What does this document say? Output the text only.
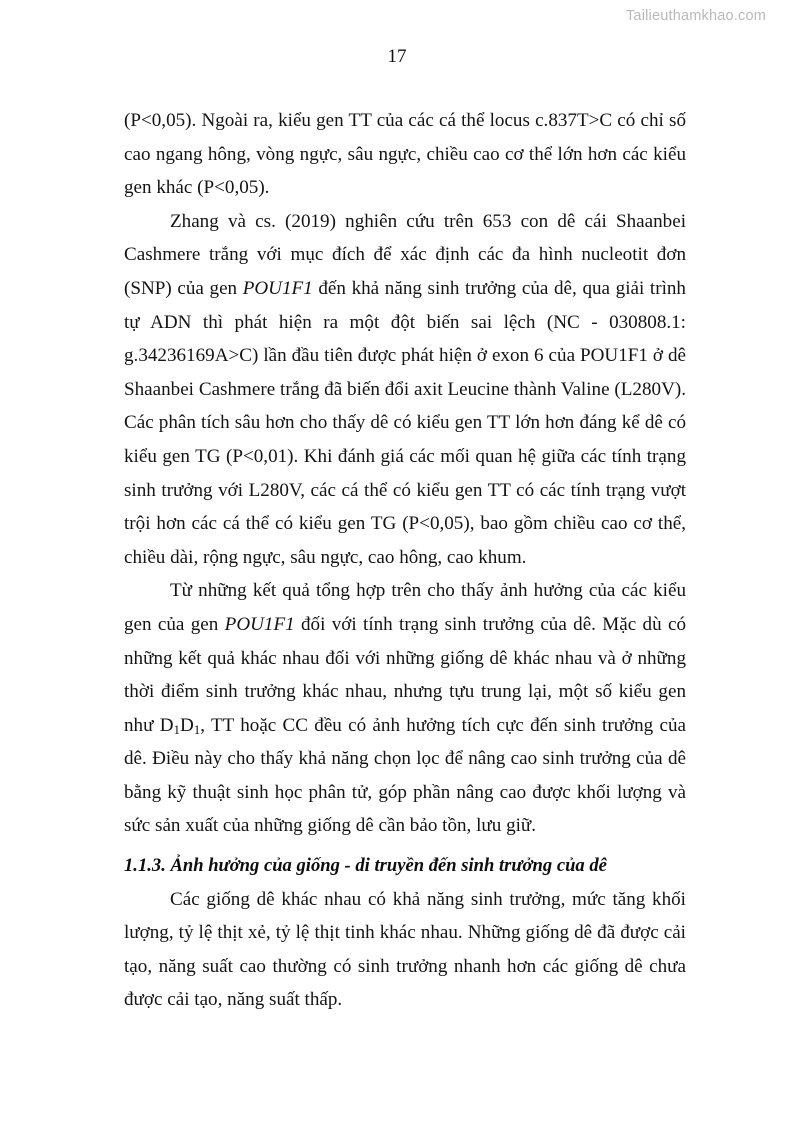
Tailieuthamkhao.com
17

(P<0,05). Ngoài ra, kiểu gen TT của các cá thể locus c.837T>C có chỉ số cao ngang hông, vòng ngực, sâu ngực, chiều cao cơ thể lớn hơn các kiểu gen khác (P<0,05).

Zhang và cs. (2019) nghiên cứu trên 653 con dê cái Shaanbei Cashmere trắng với mục đích để xác định các đa hình nucleotit đơn (SNP) của gen POU1F1 đến khả năng sinh trưởng của dê, qua giải trình tự ADN thì phát hiện ra một đột biến sai lệch (NC - 030808.1: g.34236169A>C) lần đầu tiên được phát hiện ở exon 6 của POU1F1 ở dê Shaanbei Cashmere trắng đã biến đổi axit Leucine thành Valine (L280V). Các phân tích sâu hơn cho thấy dê có kiểu gen TT lớn hơn đáng kể dê có kiểu gen TG (P<0,01). Khi đánh giá các mối quan hệ giữa các tính trạng sinh trưởng với L280V, các cá thể có kiểu gen TT có các tính trạng vượt trội hơn các cá thể có kiểu gen TG (P<0,05), bao gồm chiều cao cơ thể, chiều dài, rộng ngực, sâu ngực, cao hông, cao khum.

Từ những kết quả tổng hợp trên cho thấy ảnh hưởng của các kiểu gen của gen POU1F1 đối với tính trạng sinh trưởng của dê. Mặc dù có những kết quả khác nhau đối với những giống dê khác nhau và ở những thời điểm sinh trưởng khác nhau, nhưng tựu trung lại, một số kiểu gen như $D_1D_1$, TT hoặc CC đều có ảnh hưởng tích cực đến sinh trưởng của dê. Điều này cho thấy khả năng chọn lọc để nâng cao sinh trưởng của dê bằng kỹ thuật sinh học phân tử, góp phần nâng cao được khối lượng và sức sản xuất của những giống dê cần bảo tồn, lưu giữ.

1.1.3. Ảnh hưởng của giống - di truyền đến sinh trưởng của dê

Các giống dê khác nhau có khả năng sinh trưởng, mức tăng khối lượng, tỷ lệ thịt xẻ, tỷ lệ thịt tinh khác nhau. Những giống dê đã được cải tạo, năng suất cao thường có sinh trưởng nhanh hơn các giống dê chưa được cải tạo, năng suất thấp.
